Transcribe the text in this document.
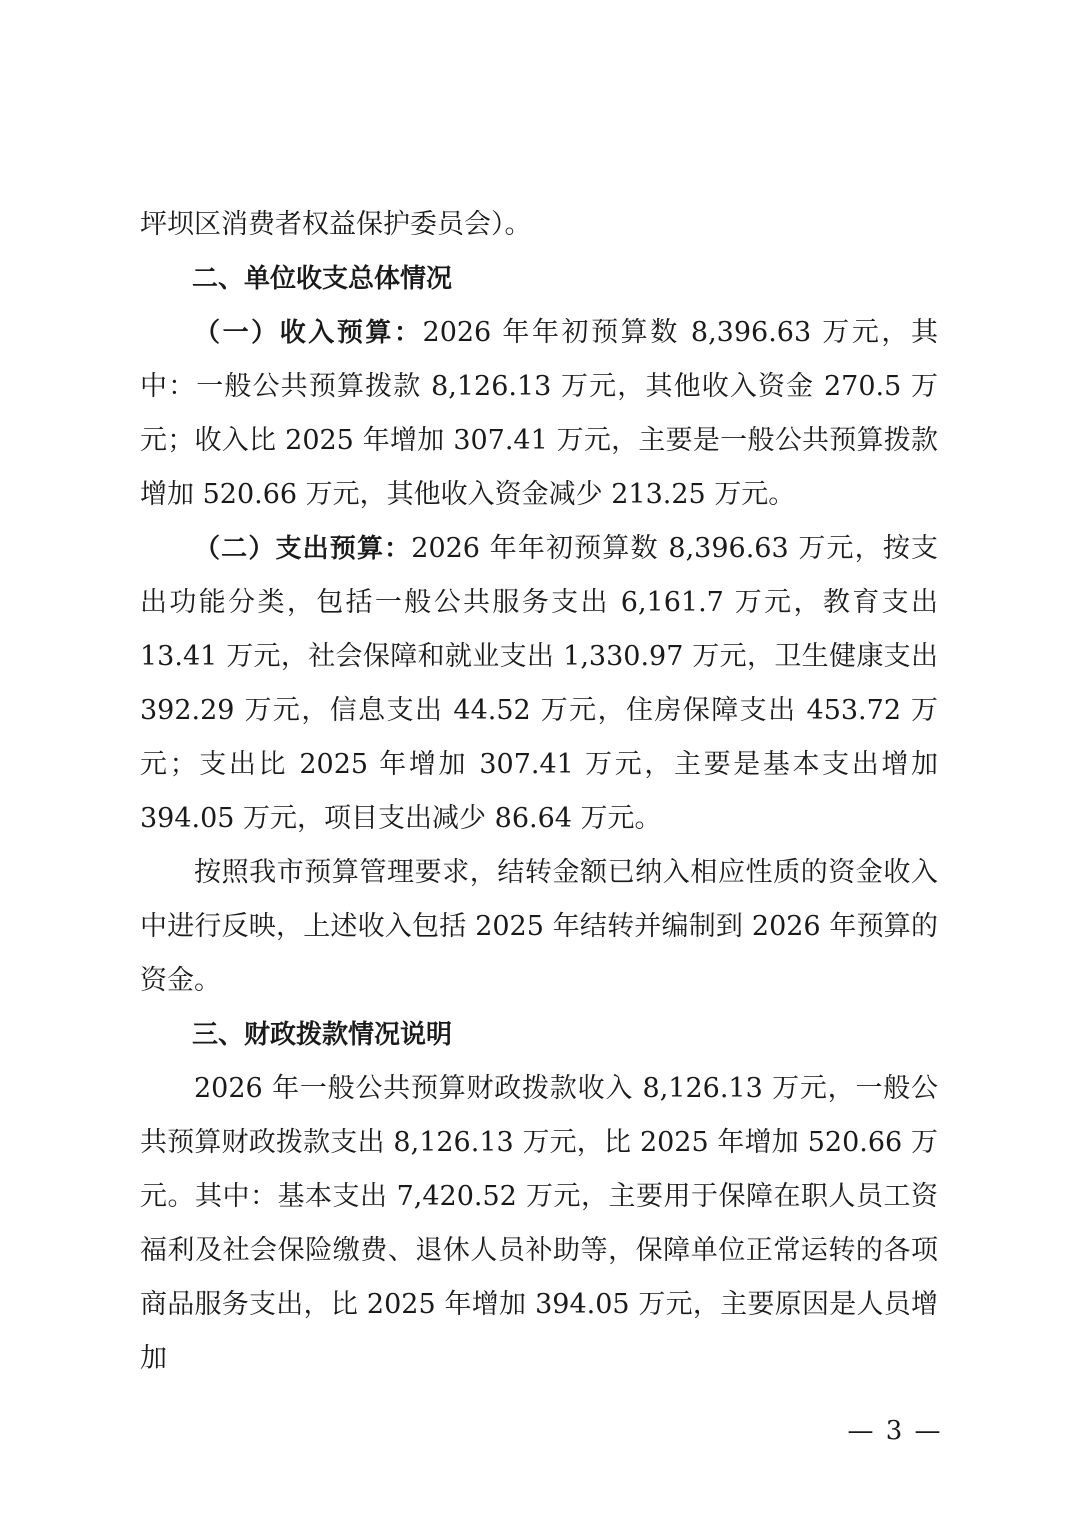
坪坝区消费者权益保护委员会）。

二、单位收支总体情况

（一）收入预算：2026 年年初预算数 8,396.63 万元，其中：一般公共预算拨款 8,126.13 万元，其他收入资金 270.5 万元；收入比 2025 年增加 307.41 万元，主要是一般公共预算拨款增加 520.66 万元，其他收入资金减少 213.25 万元。

（二）支出预算：2026 年年初预算数 8,396.63 万元，按支出功能分类，包括一般公共服务支出 6,161.7 万元，教育支出 13.41 万元，社会保障和就业支出 1,330.97 万元，卫生健康支出 392.29 万元，信息支出 44.52 万元，住房保障支出 453.72 万元；支出比 2025 年增加 307.41 万元，主要是基本支出增加 394.05 万元，项目支出减少 86.64 万元。

按照我市预算管理要求，结转金额已纳入相应性质的资金收入中进行反映，上述收入包括 2025 年结转并编制到 2026 年预算的资金。

三、财政拨款情况说明

2026 年一般公共预算财政拨款收入 8,126.13 万元，一般公共预算财政拨款支出 8,126.13 万元，比 2025 年增加 520.66 万元。其中：基本支出 7,420.52 万元，主要用于保障在职人员工资福利及社会保险缴费、退休人员补助等，保障单位正常运转的各项商品服务支出，比 2025 年增加 394.05 万元，主要原因是人员增加

— 3 —
